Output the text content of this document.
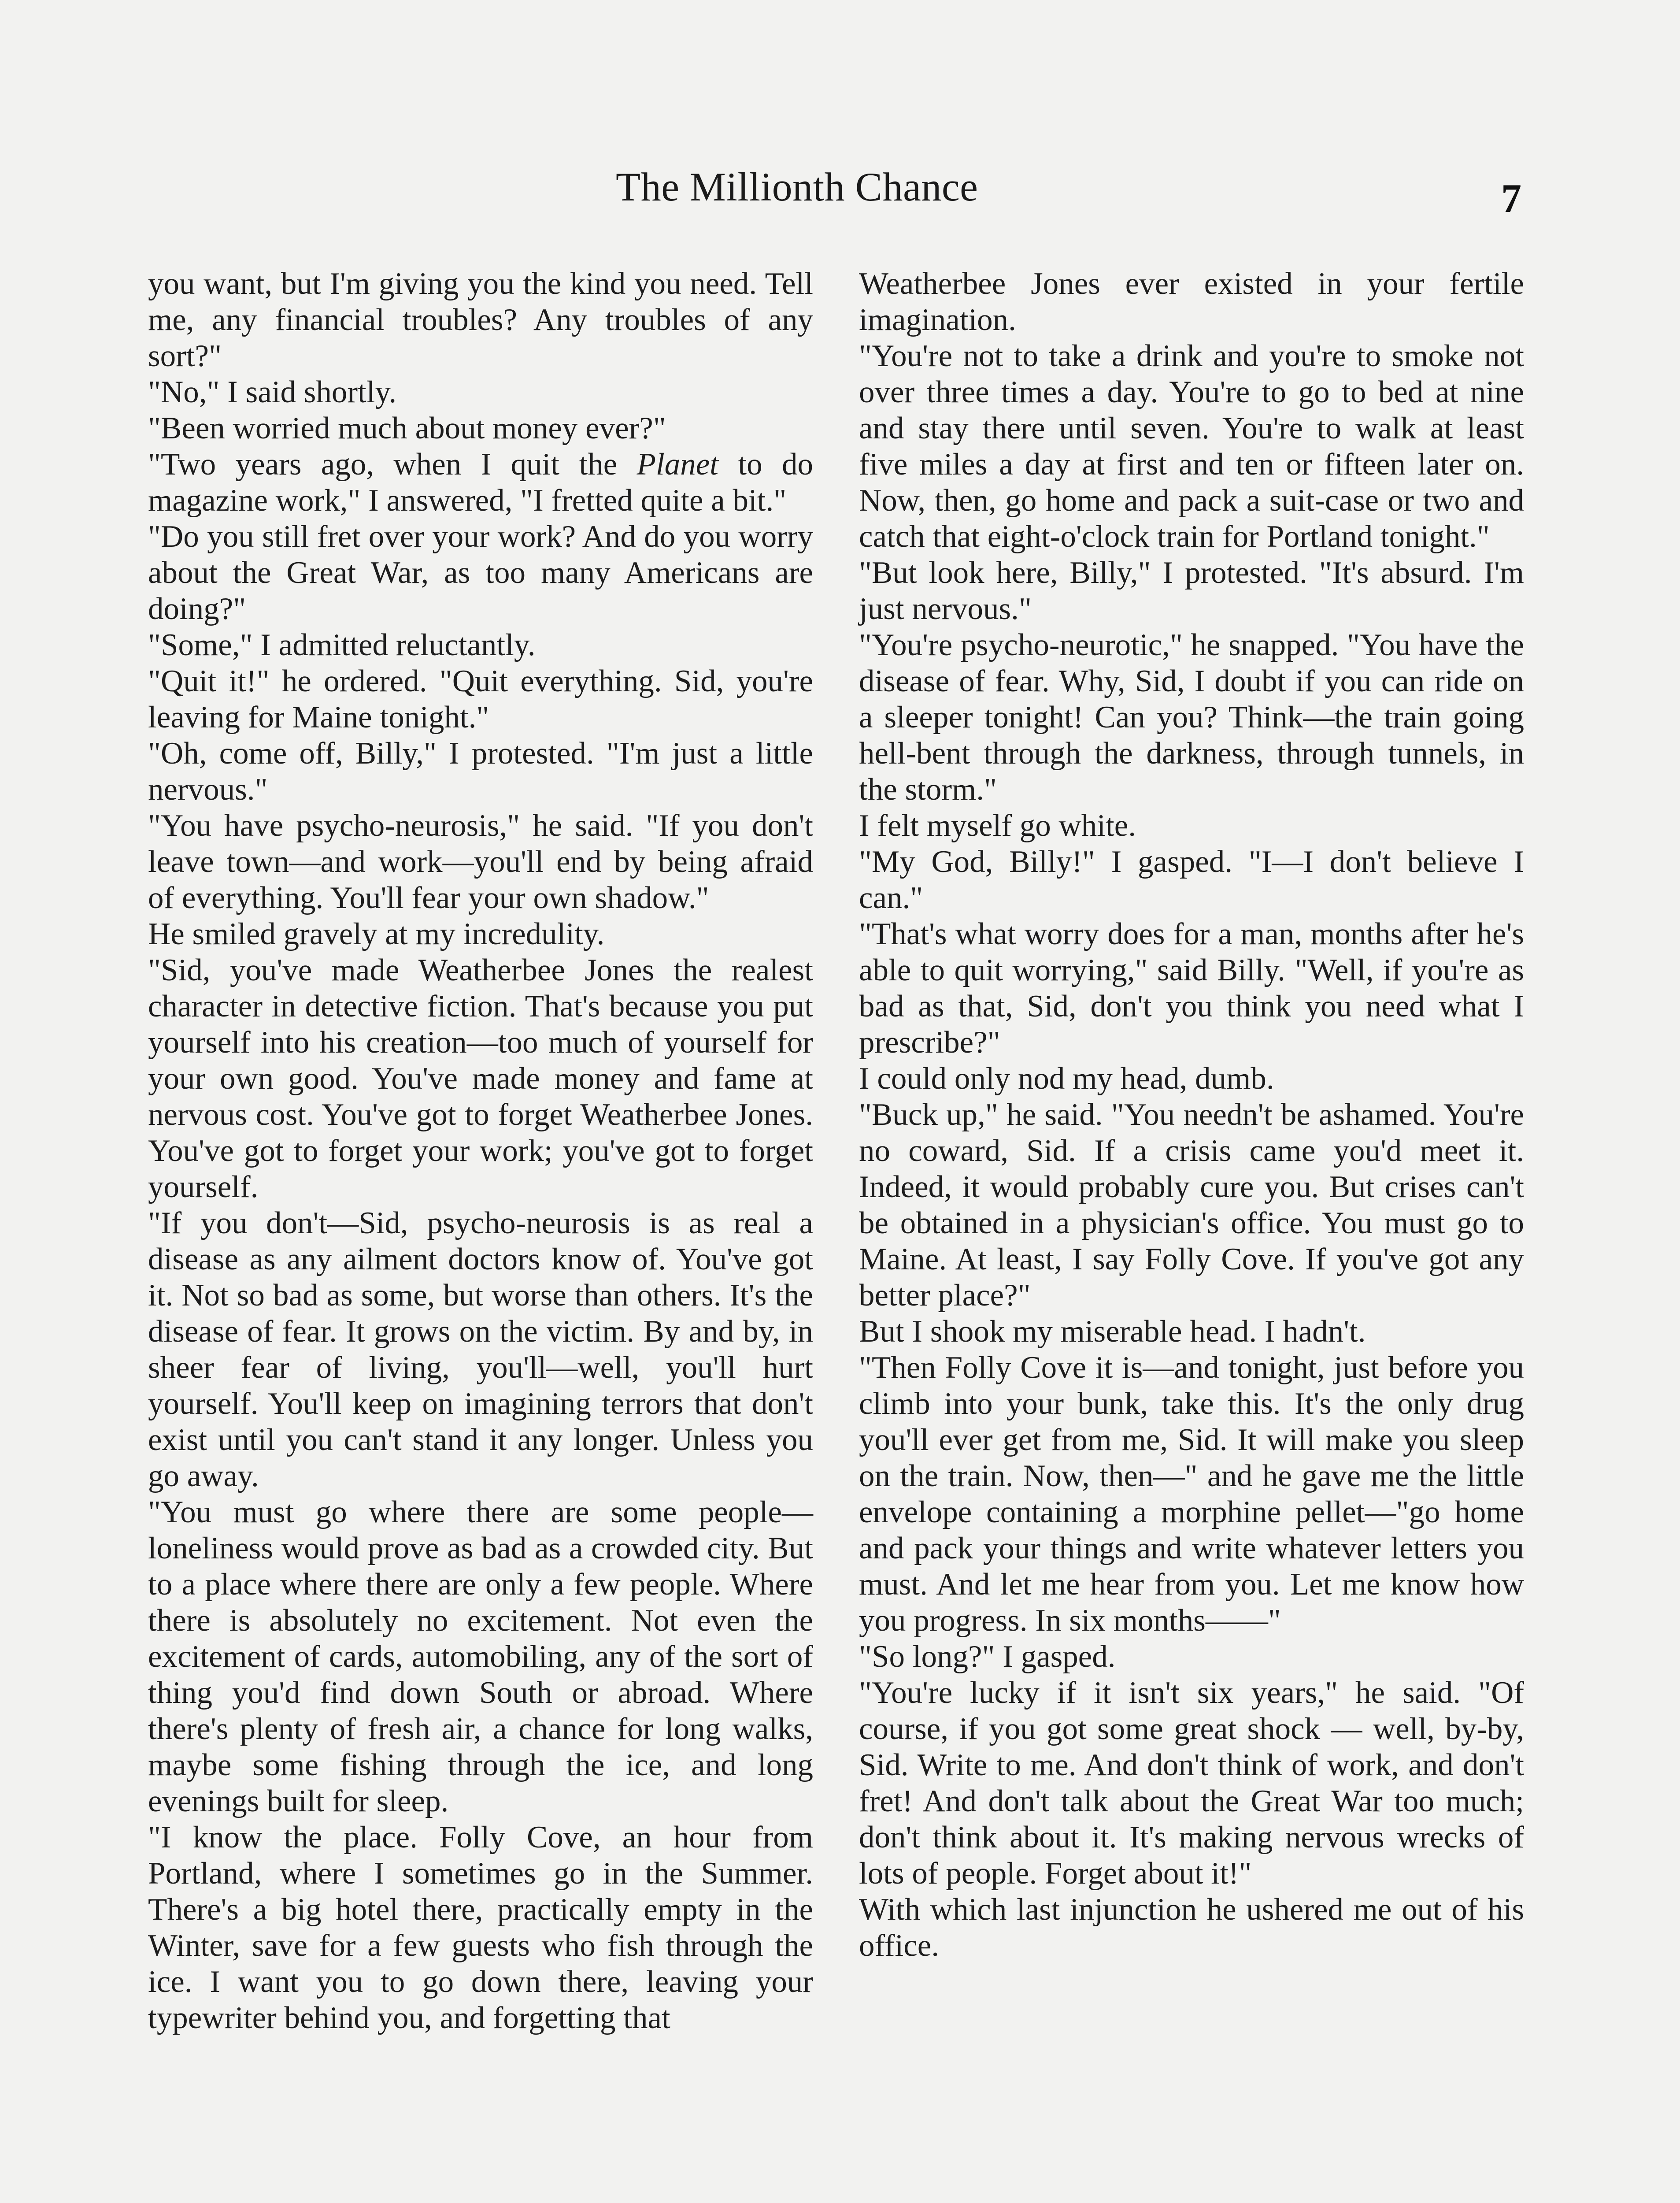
The Millionth Chance	7

you want, but I'm giving you the kind you need. Tell me, any financial troubles? Any troubles of any sort?"

"No," I said shortly.

"Been worried much about money ever?"

"Two years ago, when I quit the Planet to do magazine work," I answered, "I fretted quite a bit."

"Do you still fret over your work? And do you worry about the Great War, as too many Americans are doing?"

"Some," I admitted reluctantly.

"Quit it!" he ordered. "Quit everything. Sid, you're leaving for Maine tonight."

"Oh, come off, Billy," I protested. "I'm just a little nervous."

"You have psycho-neurosis," he said. "If you don't leave town—and work—you'll end by being afraid of everything. You'll fear your own shadow."

He smiled gravely at my incredulity.

"Sid, you've made Weatherbee Jones the realest character in detective fiction. That's because you put yourself into his creation—too much of yourself for your own good. You've made money and fame at nervous cost. You've got to forget Weatherbee Jones. You've got to forget your work; you've got to forget yourself.

"If you don't—Sid, psycho-neurosis is as real a disease as any ailment doctors know of. You've got it. Not so bad as some, but worse than others. It's the disease of fear. It grows on the victim. By and by, in sheer fear of living, you'll—well, you'll hurt yourself. You'll keep on imagining terrors that don't exist until you can't stand it any longer. Unless you go away.

"You must go where there are some people—loneliness would prove as bad as a crowded city. But to a place where there are only a few people. Where there is absolutely no excitement. Not even the excitement of cards, automobiling, any of the sort of thing you'd find down South or abroad. Where there's plenty of fresh air, a chance for long walks, maybe some fishing through the ice, and long evenings built for sleep.

"I know the place. Folly Cove, an hour from Portland, where I sometimes go in the Summer. There's a big hotel there, practically empty in the Winter, save for a few guests who fish through the ice. I want you to go down there, leaving your typewriter behind you, and forgetting that

Weatherbee Jones ever existed in your fertile imagination.

"You're not to take a drink and you're to smoke not over three times a day. You're to go to bed at nine and stay there until seven. You're to walk at least five miles a day at first and ten or fifteen later on. Now, then, go home and pack a suit-case or two and catch that eight-o'clock train for Portland tonight."

"But look here, Billy," I protested. "It's absurd. I'm just nervous."

"You're psycho-neurotic," he snapped. "You have the disease of fear. Why, Sid, I doubt if you can ride on a sleeper tonight! Can you? Think—the train going hell-bent through the darkness, through tunnels, in the storm."

I felt myself go white.

"My God, Billy!" I gasped. "I—I don't believe I can."

"That's what worry does for a man, months after he's able to quit worrying," said Billy. "Well, if you're as bad as that, Sid, don't you think you need what I prescribe?"

I could only nod my head, dumb.

"Buck up," he said. "You needn't be ashamed. You're no coward, Sid. If a crisis came you'd meet it. Indeed, it would probably cure you. But crises can't be obtained in a physician's office. You must go to Maine. At least, I say Folly Cove. If you've got any better place?"

But I shook my miserable head. I hadn't.

"Then Folly Cove it is—and tonight, just before you climb into your bunk, take this. It's the only drug you'll ever get from me, Sid. It will make you sleep on the train. Now, then—" and he gave me the little envelope containing a morphine pellet—"go home and pack your things and write whatever letters you must. And let me hear from you. Let me know how you progress. In six months——"

"So long?" I gasped.

"You're lucky if it isn't six years," he said. "Of course, if you got some great shock — well, by-by, Sid. Write to me. And don't think of work, and don't fret! And don't talk about the Great War too much; don't think about it. It's making nervous wrecks of lots of people. Forget about it!"

With which last injunction he ushered me out of his office.
